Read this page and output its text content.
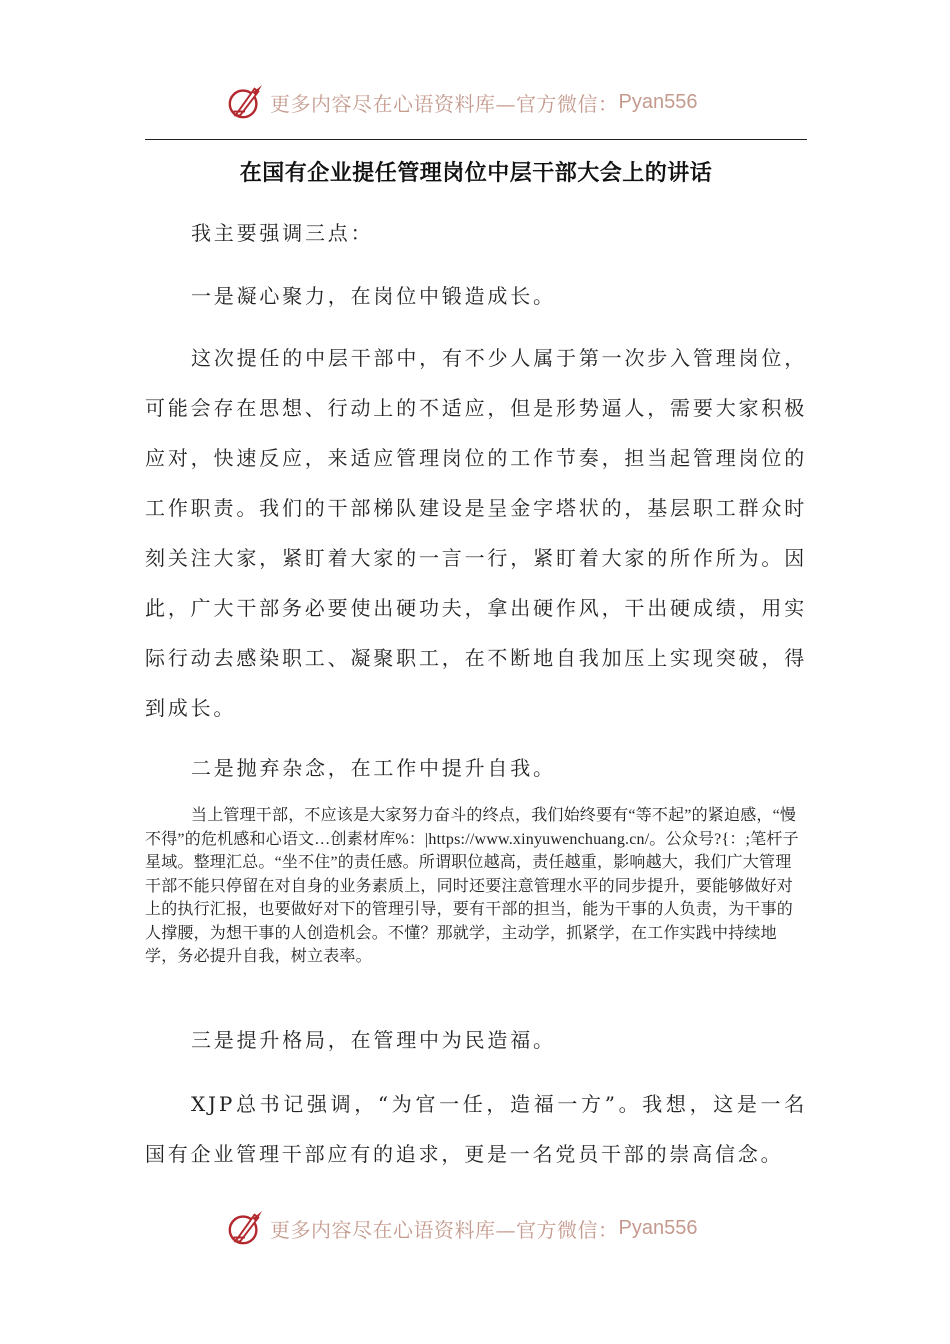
更多内容尽在心语资料库—官方微信： Pyan556
在国有企业提任管理岗位中层干部大会上的讲话

我主要强调三点：

一是凝心聚力，在岗位中锻造成长。

这次提任的中层干部中，有不少人属于第一次步入管理岗位，可能会存在思想、行动上的不适应，但是形势逼人，需要大家积极应对，快速反应，来适应管理岗位的工作节奏，担当起管理岗位的工作职责。我们的干部梯队建设是呈金字塔状的，基层职工群众时刻关注大家，紧盯着大家的一言一行，紧盯着大家的所作所为。因此，广大干部务必要使出硬功夫，拿出硬作风，干出硬成绩，用实际行动去感染职工、凝聚职工，在不断地自我加压上实现突破，得到成长。

二是抛弃杂念，在工作中提升自我。

当上管理干部，不应该是大家努力奋斗的终点，我们始终要有“等不起”的紧迫感，“慢不得”的危机感和心语文…创素材库%：|https://www.xinyuwenchuang.cn/。公众号?{：;笔杆子星域。整理汇总。“坐不住”的责任感。所谓职位越高，责任越重，影响越大，我们广大管理干部不能只停留在对自身的业务素质上，同时还要注意管理水平的同步提升，要能够做好对上的执行汇报，也要做好对下的管理引导，要有干部的担当，能为干事的人负责，为干事的人撑腰，为想干事的人创造机会。不懂？那就学，主动学，抓紧学，在工作实践中持续地学，务必提升自我，树立表率。

三是提升格局，在管理中为民造福。

XJP总书记强调，“为官一任，造福一方”。我想，这是一名国有企业管理干部应有的追求，更是一名党员干部的崇高信念。

更多内容尽在心语资料库—官方微信： Pyan556
